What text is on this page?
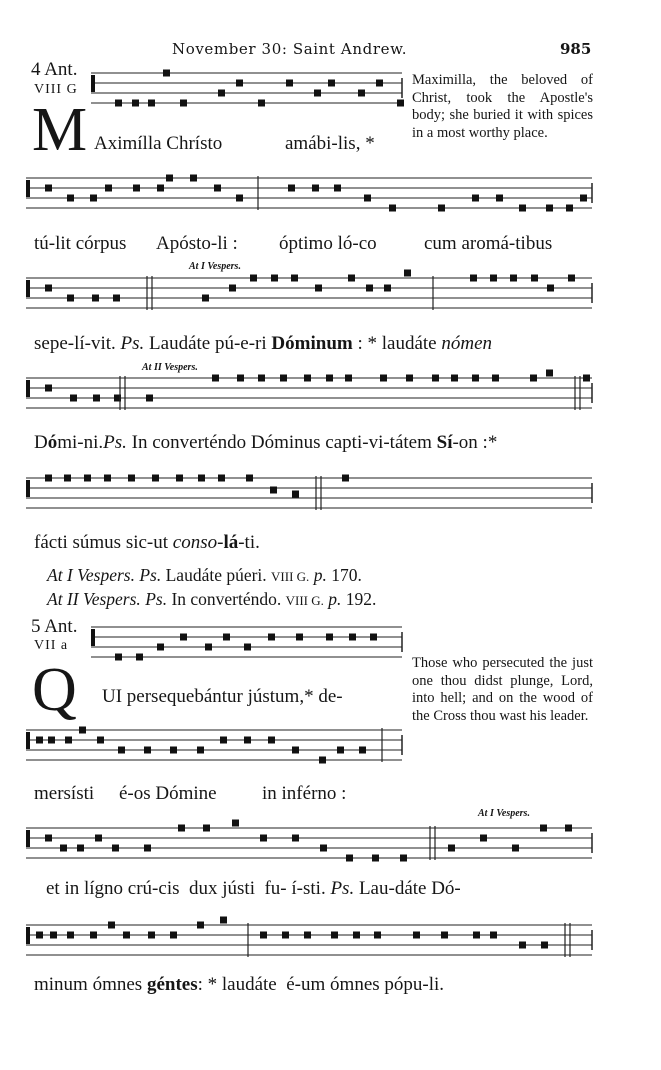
November 30: Saint Andrew.	985
4 Ant.
VIII G
M
Maximilla, the beloved of Christ, took the Apostle's body; she buried it with spices in a most worthy place.
Aximílla Chrísto	amábi-lis, *
tú-lit córpus Apósto-li : óptimo ló-co cum aromá-tibus
At I Vespers.
sepe-lí-vit. Ps. Laudáte pú-e-ri Dóminum : * laudáte nómen
At II Vespers.
Dómi-ni.Ps. In converténdo Dóminus capti-vi-tátem Sí-on :*
fácti súmus sic-ut conso-lá-ti.
At I Vespers. Ps. Laudáte púeri. VIII G. p. 170.
At II Vespers. Ps. In converténdo. VIII G. p. 192.
5 Ant.
VII a
Q	Those who persecuted the just one thou didst plunge, Lord, into hell; and on the wood of the Cross thou wast his leader.
UI persequebántur jústum,* de-
mersísti é-os Dómine in inférno :
At I Vespers.
et in lígno crú-cis dux jústi fu- í-sti. Ps. Lau-dáte Dó-
minum ómnes géntes: * laudáte é-um ómnes pópu-li.
